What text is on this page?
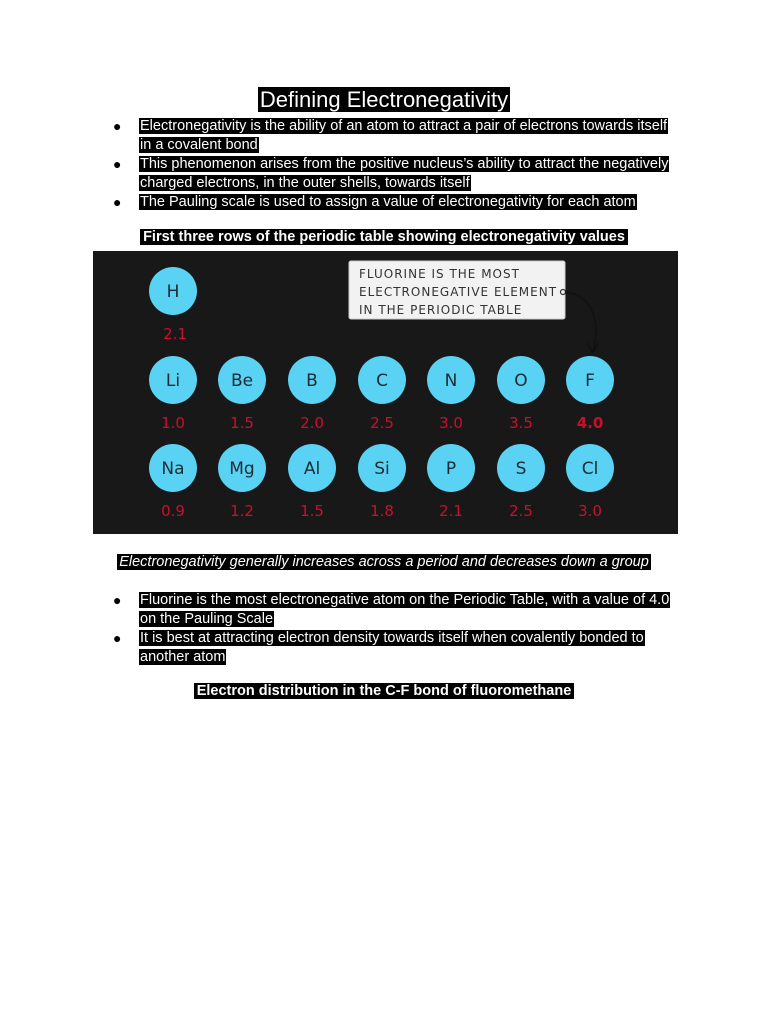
Defining Electronegativity
● Electronegativity is the ability of an atom to attract a pair of electrons towards itself in a covalent bond
● This phenomenon arises from the positive nucleus’s ability to attract the negatively charged electrons, in the outer shells, towards itself
● The Pauling scale is used to assign a value of electronegativity for each atom
First three rows of the periodic table showing electronegativity values
FLUORINE IS THE MOST
ELECTRONEGATIVE ELEMENT
IN THE PERIODIC TABLE
H
2.1
Li
1.0
Be
1.5
B
2.0
C
2.5
N
3.0
O
3.5
F
4.0
Na
0.9
Mg
1.2
Al
1.5
Si
1.8
P
2.1
S
2.5
Cl
3.0
Electronegativity generally increases across a period and decreases down a group
● Fluorine is the most electronegative atom on the Periodic Table, with a value of 4.0 on the Pauling Scale
● It is best at attracting electron density towards itself when covalently bonded to another atom
Electron distribution in the C-F bond of fluoromethane
